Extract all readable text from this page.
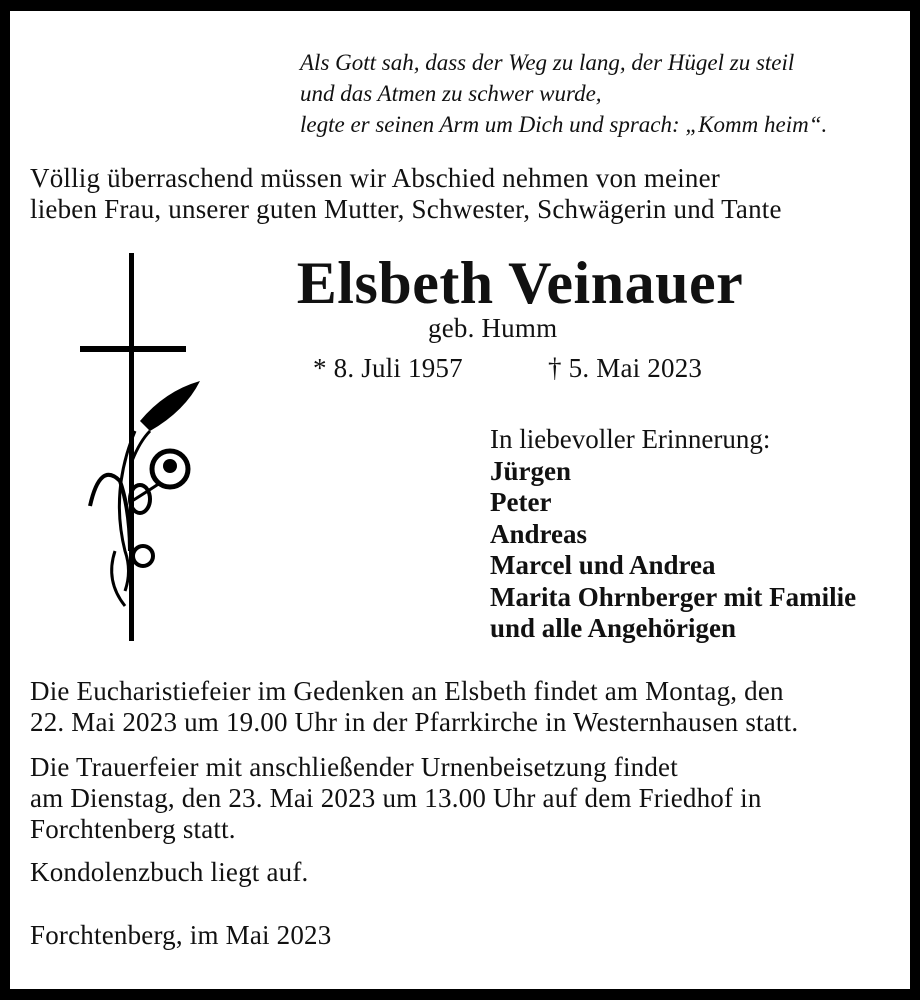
Als Gott sah, dass der Weg zu lang, der Hügel zu steil
und das Atmen zu schwer wurde,
legte er seinen Arm um Dich und sprach: „Komm heim“.
Völlig überraschend müssen wir Abschied nehmen von meiner
lieben Frau, unserer guten Mutter, Schwester, Schwägerin und Tante
Elsbeth Veinauer
geb. Humm
* 8. Juli 1957	† 5. Mai 2023
In liebevoller Erinnerung:
Jürgen
Peter
Andreas
Marcel und Andrea
Marita Ohrnberger mit Familie
und alle Angehörigen
Die Eucharistiefeier im Gedenken an Elsbeth findet am Montag, den
22. Mai 2023 um 19.00 Uhr in der Pfarrkirche in Westernhausen statt.
Die Trauerfeier mit anschließender Urnenbeisetzung findet
am Dienstag, den 23. Mai 2023 um 13.00 Uhr auf dem Friedhof in
Forchtenberg statt.
Kondolenzbuch liegt auf.
Forchtenberg, im Mai 2023
